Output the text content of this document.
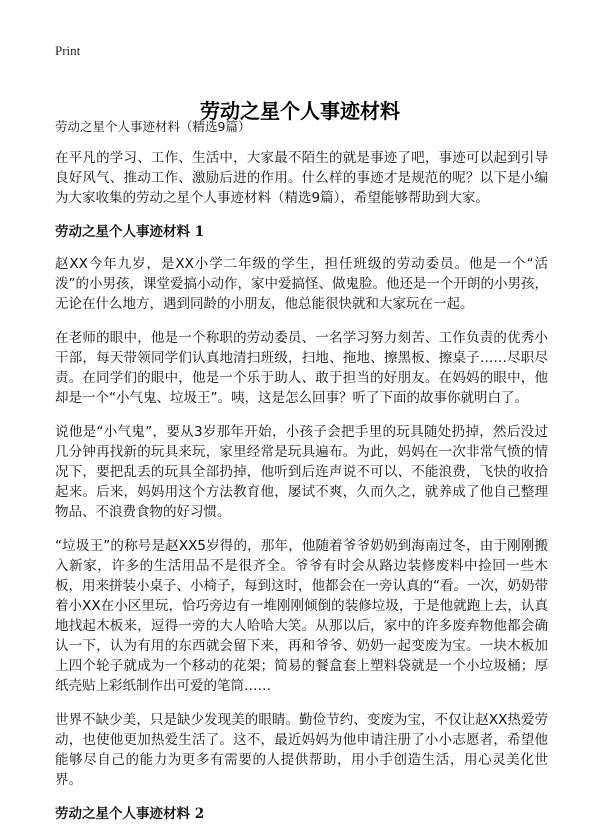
Print
劳动之星个人事迹材料
劳动之星个人事迹材料（精选9篇）

在平凡的学习、工作、生活中，大家最不陌生的就是事迹了吧，事迹可以起到引导良好风气、推动工作、激励后进的作用。什么样的事迹才是规范的呢？以下是小编为大家收集的劳动之星个人事迹材料（精选9篇），希望能够帮助到大家。

劳动之星个人事迹材料 1

赵XX今年九岁，是XX小学二年级的学生，担任班级的劳动委员。他是一个“活泼”的小男孩，课堂爱搞小动作，家中爱搞怪、做鬼脸。他还是一个开朗的小男孩，无论在什么地方，遇到同龄的小朋友，他总能很快就和大家玩在一起。

在老师的眼中，他是一个称职的劳动委员、一名学习努力刻苦、工作负责的优秀小干部，每天带领同学们认真地清扫班级，扫地、拖地、擦黑板、擦桌子……尽职尽责。在同学们的眼中，他是一个乐于助人、敢于担当的好朋友。在妈妈的眼中，他却是一个“小气鬼、垃圾王”。咦，这是怎么回事？听了下面的故事你就明白了。

说他是“小气鬼”，要从3岁那年开始，小孩子会把手里的玩具随处扔掉，然后没过几分钟再找新的玩具来玩，家里经常是玩具遍布。为此，妈妈在一次非常气愤的情况下，要把乱丢的玩具全部扔掉，他听到后连声说不可以、不能浪费，飞快的收拾起来。后来，妈妈用这个方法教育他，屡试不爽，久而久之，就养成了他自己整理物品、不浪费食物的好习惯。

“垃圾王”的称号是赵XX5岁得的，那年，他随着爷爷奶奶到海南过冬，由于刚刚搬入新家，许多的生活用品不是很齐全。爷爷有时会从路边装修废料中捡回一些木板，用来拼装小桌子、小椅子，每到这时，他都会在一旁认真的“看。一次，奶奶带着小XX在小区里玩，恰巧旁边有一堆刚刚倾倒的装修垃圾，于是他就跑上去，认真地找起木板来，逗得一旁的大人哈哈大笑。从那以后，家中的许多废弃物他都会确认一下，认为有用的东西就会留下来，再和爷爷、奶奶一起变废为宝。一块木板加上四个轮子就成为一个移动的花架；简易的餐盒套上塑料袋就是一个小垃圾桶；厚纸壳贴上彩纸制作出可爱的笔筒……

世界不缺少美，只是缺少发现美的眼睛。勤俭节约、变废为宝，不仅让赵XX热爱劳动，也使他更加热爱生活了。这不，最近妈妈为他申请注册了小小志愿者，希望他能够尽自己的能力为更多有需要的人提供帮助，用小手创造生活，用心灵美化世界。

劳动之星个人事迹材料 2
